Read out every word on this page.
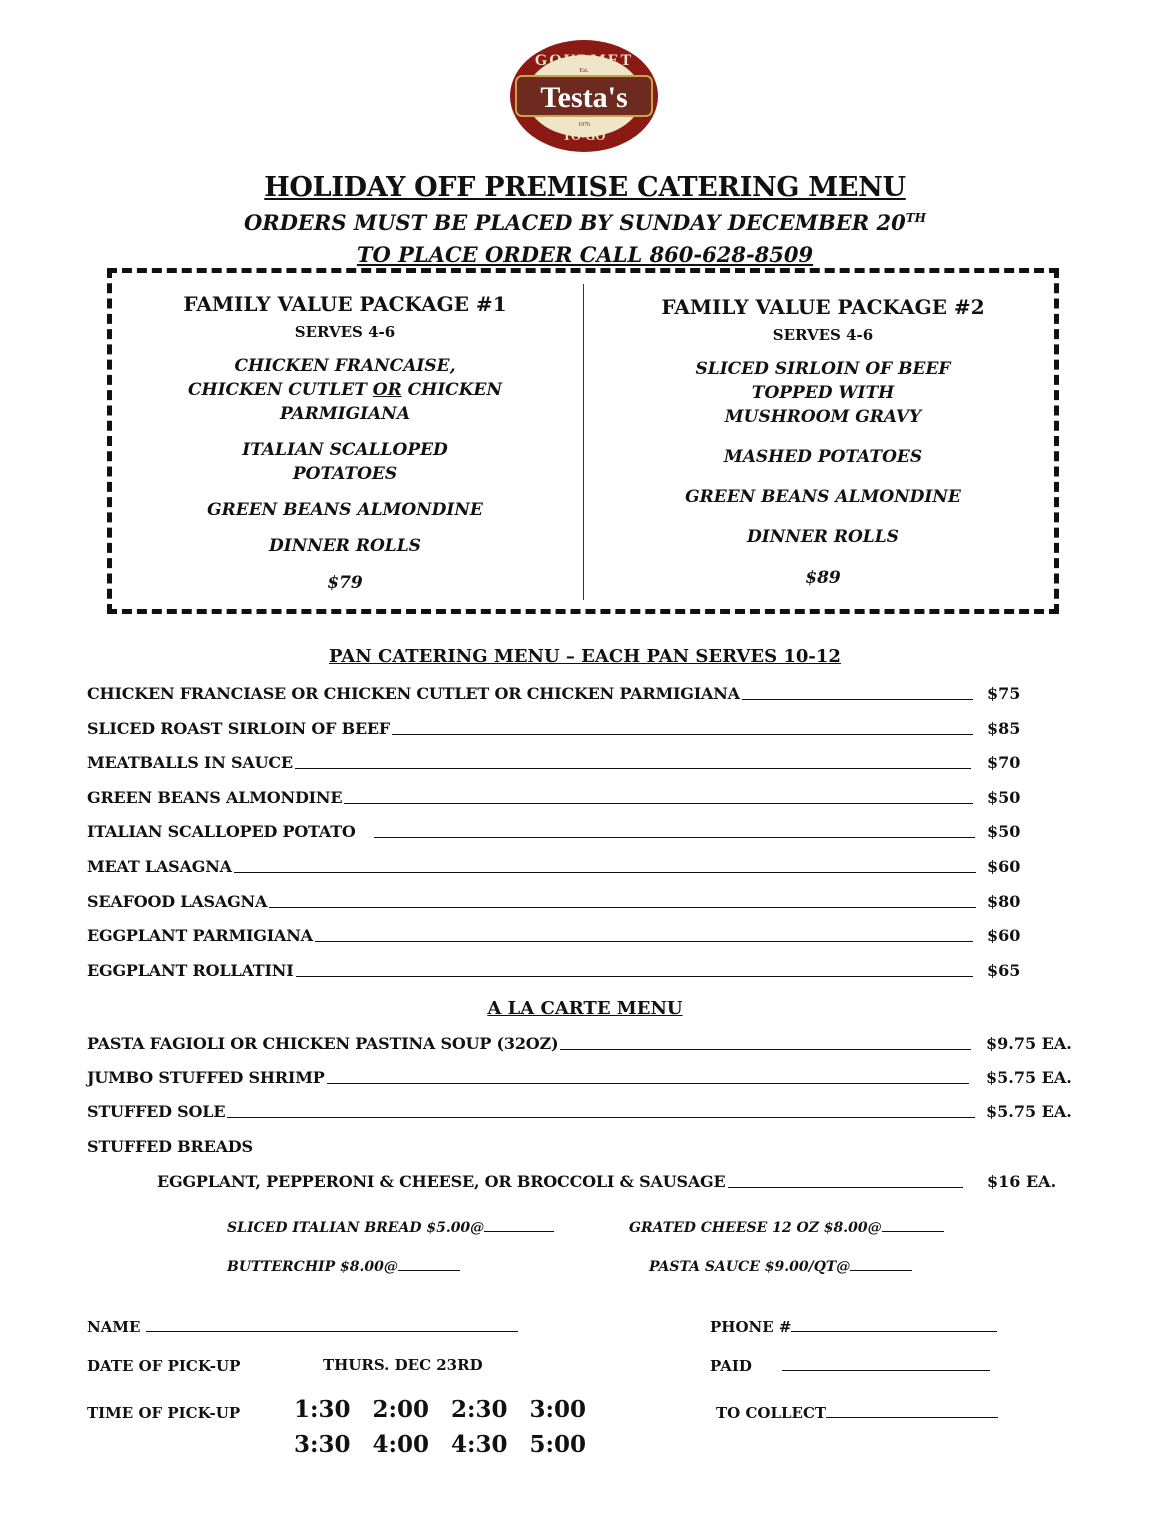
GOURMET
Est.
Testa's
1976
TO-GO
HOLIDAY OFF PREMISE CATERING MENU
ORDERS MUST BE PLACED BY SUNDAY DECEMBER 20TH
TO PLACE ORDER CALL 860-628-8509
FAMILY VALUE PACKAGE #1
SERVES 4-6
CHICKEN FRANCAISE,
CHICKEN CUTLET OR CHICKEN
PARMIGIANA
ITALIAN SCALLOPED
POTATOES
GREEN BEANS ALMONDINE
DINNER ROLLS
$79
FAMILY VALUE PACKAGE #2
SERVES 4-6
SLICED SIRLOIN OF BEEF
TOPPED WITH
MUSHROOM GRAVY
MASHED POTATOES
GREEN BEANS ALMONDINE
DINNER ROLLS
$89
PAN CATERING MENU – EACH PAN SERVES 10-12
CHICKEN FRANCIASE OR CHICKEN CUTLET OR CHICKEN PARMIGIANA	$75
SLICED ROAST SIRLOIN OF BEEF	$85
MEATBALLS IN SAUCE	$70
GREEN BEANS ALMONDINE	$50
ITALIAN SCALLOPED POTATO	$50
MEAT LASAGNA	$60
SEAFOOD LASAGNA	$80
EGGPLANT PARMIGIANA	$60
EGGPLANT ROLLATINI	$65
A LA CARTE MENU
PASTA FAGIOLI OR CHICKEN PASTINA SOUP (32OZ)	$9.75 EA.
JUMBO STUFFED SHRIMP	$5.75 EA.
STUFFED SOLE	$5.75 EA.
STUFFED BREADS
EGGPLANT, PEPPERONI & CHEESE, OR BROCCOLI & SAUSAGE	$16 EA.
SLICED ITALIAN BREAD $5.00@	GRATED CHEESE 12 OZ $8.00@
BUTTERCHIP $8.00@	PASTA SAUCE $9.00/QT@
NAME	PHONE #
DATE OF PICK-UP	THURS. DEC 23RD	PAID
TIME OF PICK-UP 1:30 2:00 2:30 3:00
3:30 4:00 4:30 5:00
TO COLLECT
